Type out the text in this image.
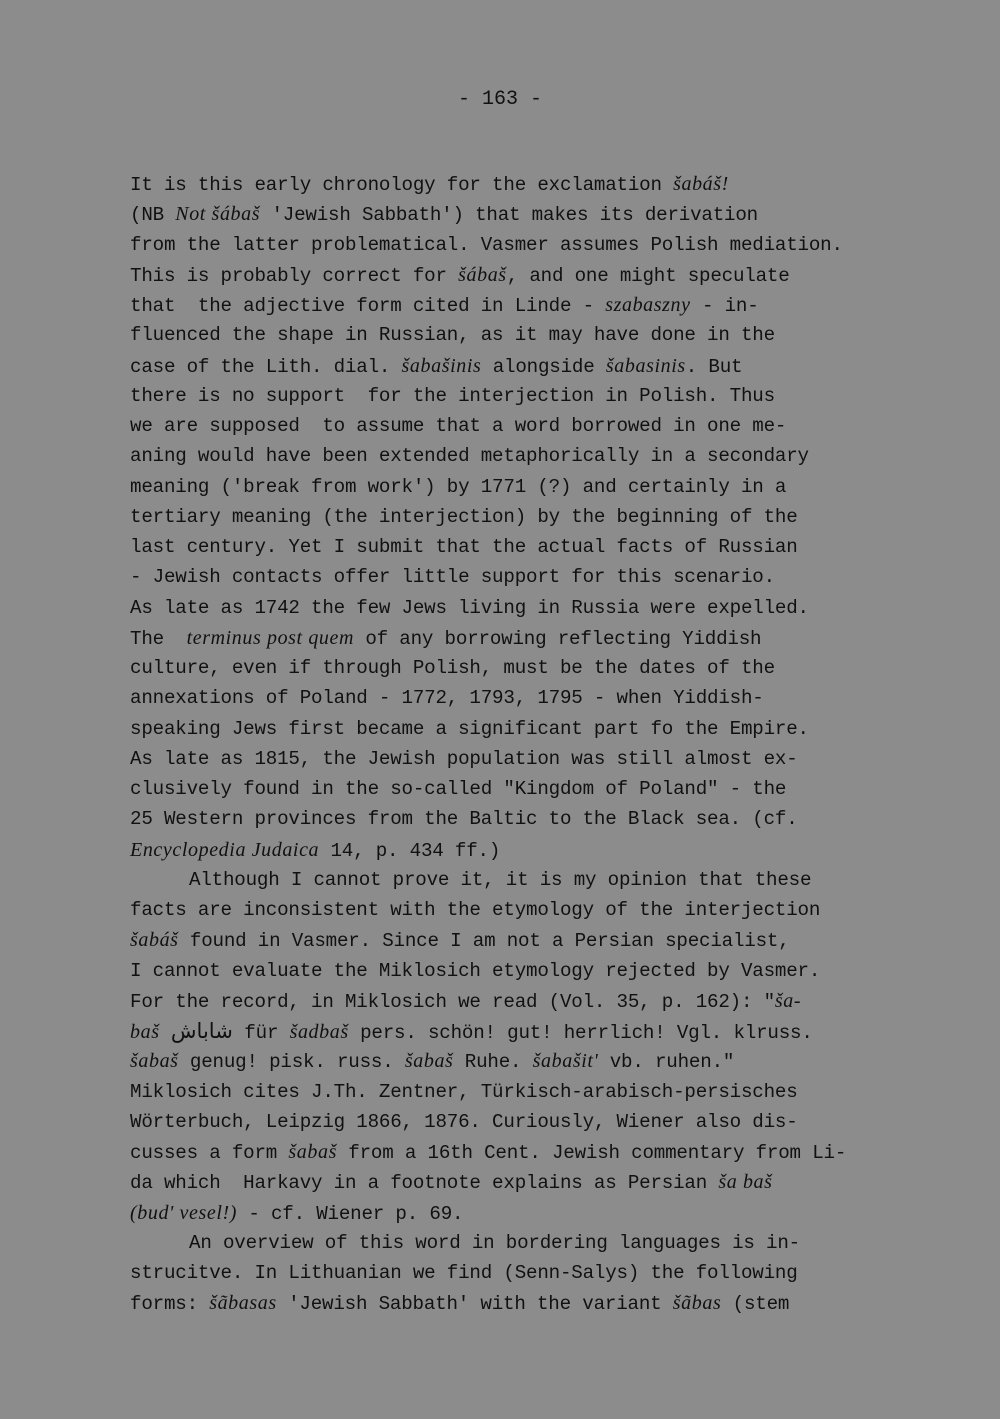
- 163 -
It is this early chronology for the exclamation šabáš!
(NB Not šábaš 'Jewish Sabbath') that makes its derivation
from the latter problematical. Vasmer assumes Polish mediation.
This is probably correct for šábaš, and one might speculate
that  the adjective form cited in Linde - szabaszny - in-
fluenced the shape in Russian, as it may have done in the
case of the Lith. dial. šabašinis alongside šabasinis. But
there is no support  for the interjection in Polish. Thus
we are supposed  to assume that a word borrowed in one me-
aning would have been extended metaphorically in a secondary
meaning ('break from work') by 1771 (?) and certainly in a
tertiary meaning (the interjection) by the beginning of the
last century. Yet I submit that the actual facts of Russian
- Jewish contacts offer little support for this scenario.
As late as 1742 the few Jews living in Russia were expelled.
The  terminus post quem of any borrowing reflecting Yiddish
culture, even if through Polish, must be the dates of the
annexations of Poland - 1772, 1793, 1795 - when Yiddish-
speaking Jews first became a significant part fo the Empire.
As late as 1815, the Jewish population was still almost ex-
clusively found in the so-called "Kingdom of Poland" - the
25 Western provinces from the Baltic to the Black sea. (cf.
Encyclopedia Judaica 14, p. 434 ff.)
Although I cannot prove it, it is my opinion that these
facts are inconsistent with the etymology of the interjection
šabáš found in Vasmer. Since I am not a Persian specialist,
I cannot evaluate the Miklosich etymology rejected by Vasmer.
For the record, in Miklosich we read (Vol. 35, p. 162): "ša-
baš شاباش für šadbaš pers. schön! gut! herrlich! Vgl. klruss.
šabaš genug! pisk. russ. šabaš Ruhe. šabašit' vb. ruhen."
Miklosich cites J.Th. Zentner, Türkisch-arabisch-persisches
Wörterbuch, Leipzig 1866, 1876. Curiously, Wiener also dis-
cusses a form šabaš from a 16th Cent. Jewish commentary from Li-
da which  Harkavy in a footnote explains as Persian ša baš
(bud' vesel!) - cf. Wiener p. 69.
An overview of this word in bordering languages is in-
strucitve. In Lithuanian we find (Senn-Salys) the following
forms: šãbasas 'Jewish Sabbath' with the variant šãbas (stem
